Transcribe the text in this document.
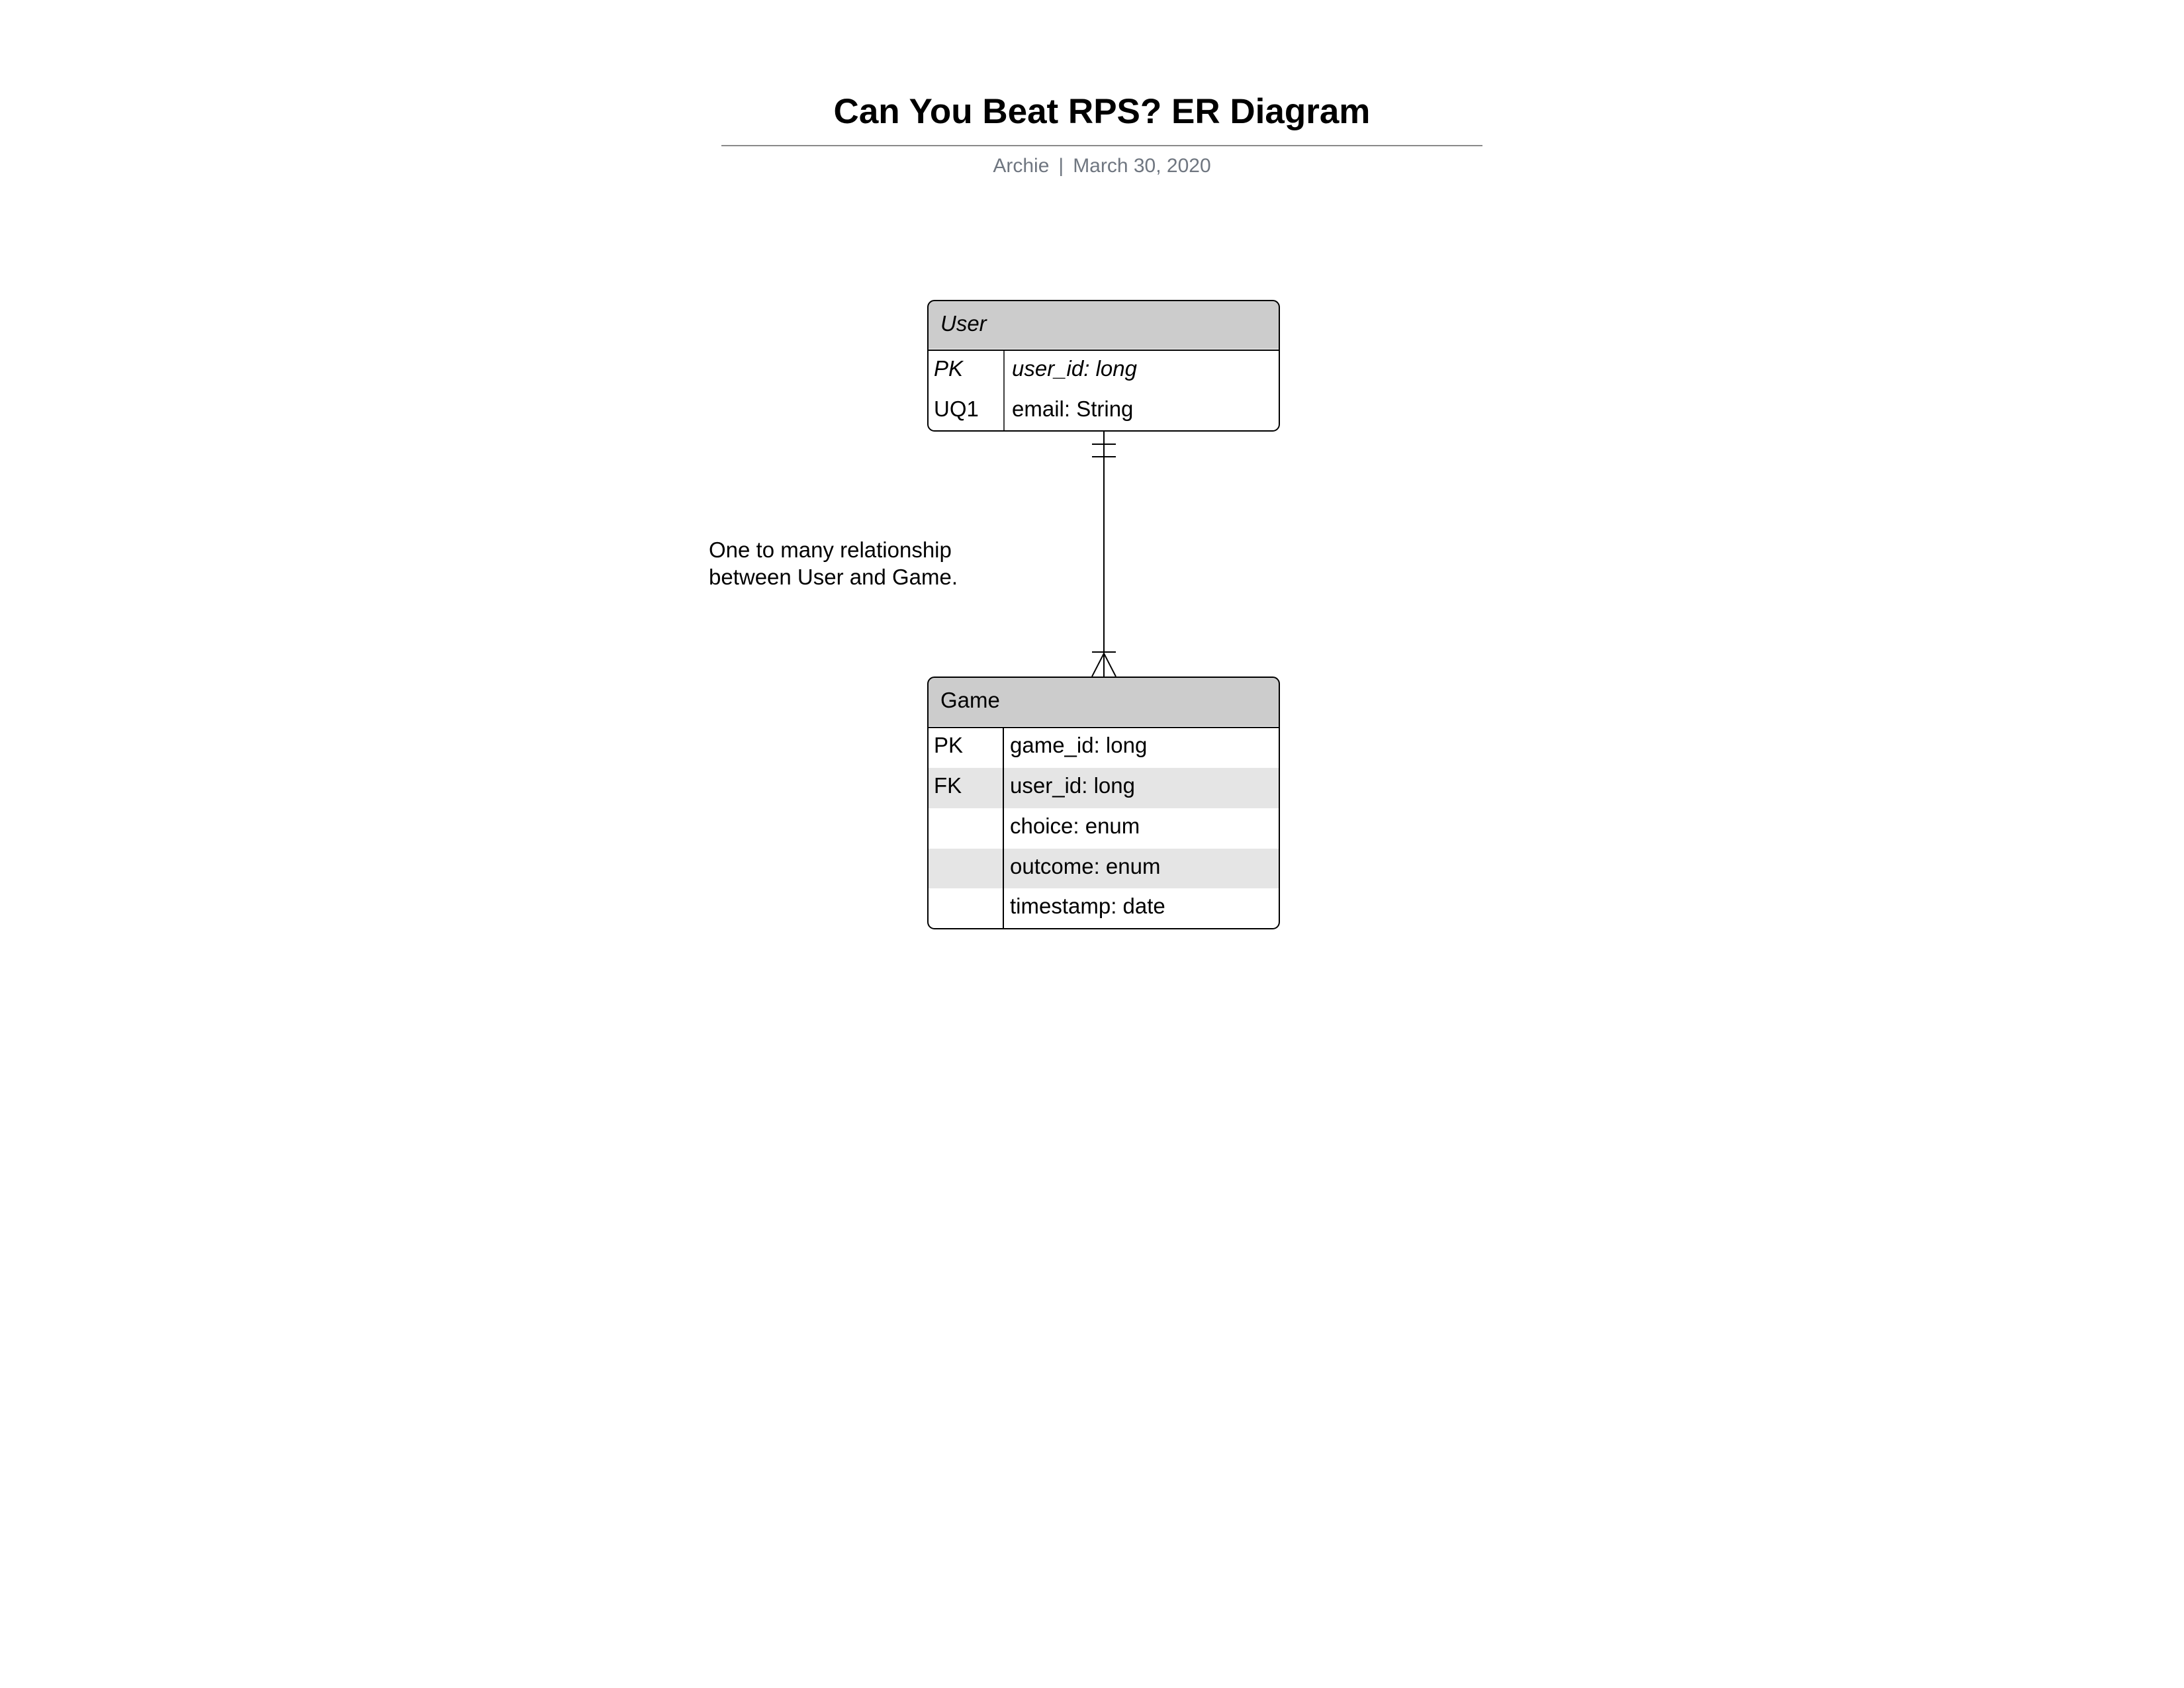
Can You Beat RPS? ER Diagram
Archie | March 30, 2020
User
PK user_id: long
UQ1 email: String
One to many relationship
between User and Game.
Game
PK game_id: long
FK user_id: long
choice: enum
outcome: enum
timestamp: date
